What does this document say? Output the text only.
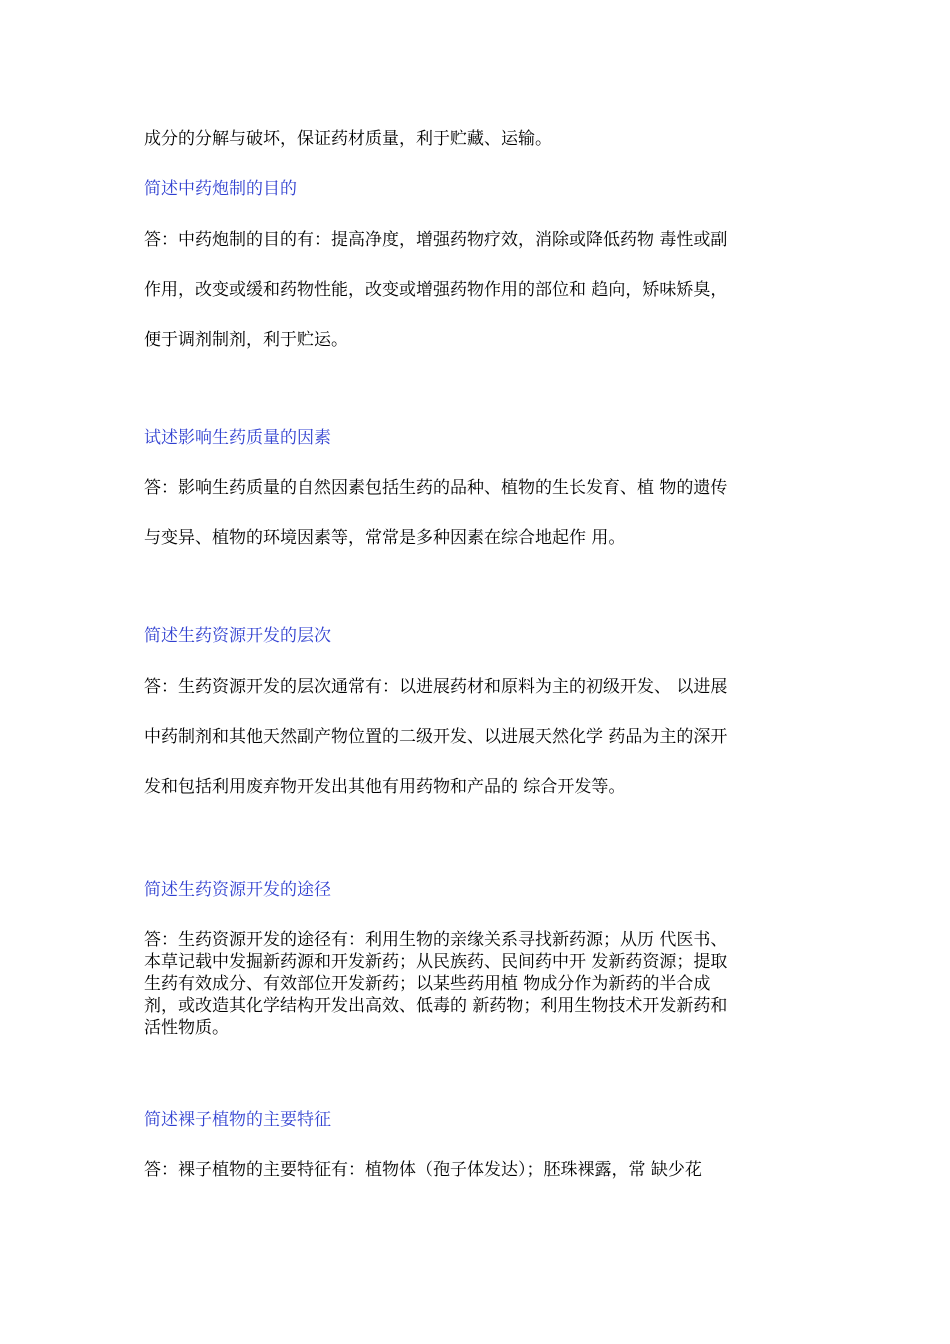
成分的分解与破坏，保证药材质量，利于贮藏、运输。

简述中药炮制的目的

答：中药炮制的目的有：提高净度，增强药物疗效，消除或降低药物 毒性或副

作用，改变或缓和药物性能，改变或增强药物作用的部位和 趋向，矫味矫臭，

便于调剂制剂，利于贮运。

试述影响生药质量的因素

答：影响生药质量的自然因素包括生药的品种、植物的生长发育、植 物的遗传

与变异、植物的环境因素等，常常是多种因素在综合地起作 用。

简述生药资源开发的层次

答：生药资源开发的层次通常有：以进展药材和原料为主的初级开发、 以进展

中药制剂和其他天然副产物位置的二级开发、以进展天然化学 药品为主的深开

发和包括利用废弃物开发出其他有用药物和产品的 综合开发等。

简述生药资源开发的途径

答：生药资源开发的途径有：利用生物的亲缘关系寻找新药源；从历 代医书、

本草记载中发掘新药源和开发新药；从民族药、民间药中开 发新药资源；提取

生药有效成分、有效部位开发新药；以某些药用植 物成分作为新药的半合成

剂，或改造其化学结构开发出高效、低毒的 新药物；利用生物技术开发新药和

活性物质。

简述裸子植物的主要特征

答：裸子植物的主要特征有：植物体（孢子体发达）；胚珠裸露，常 缺少花
